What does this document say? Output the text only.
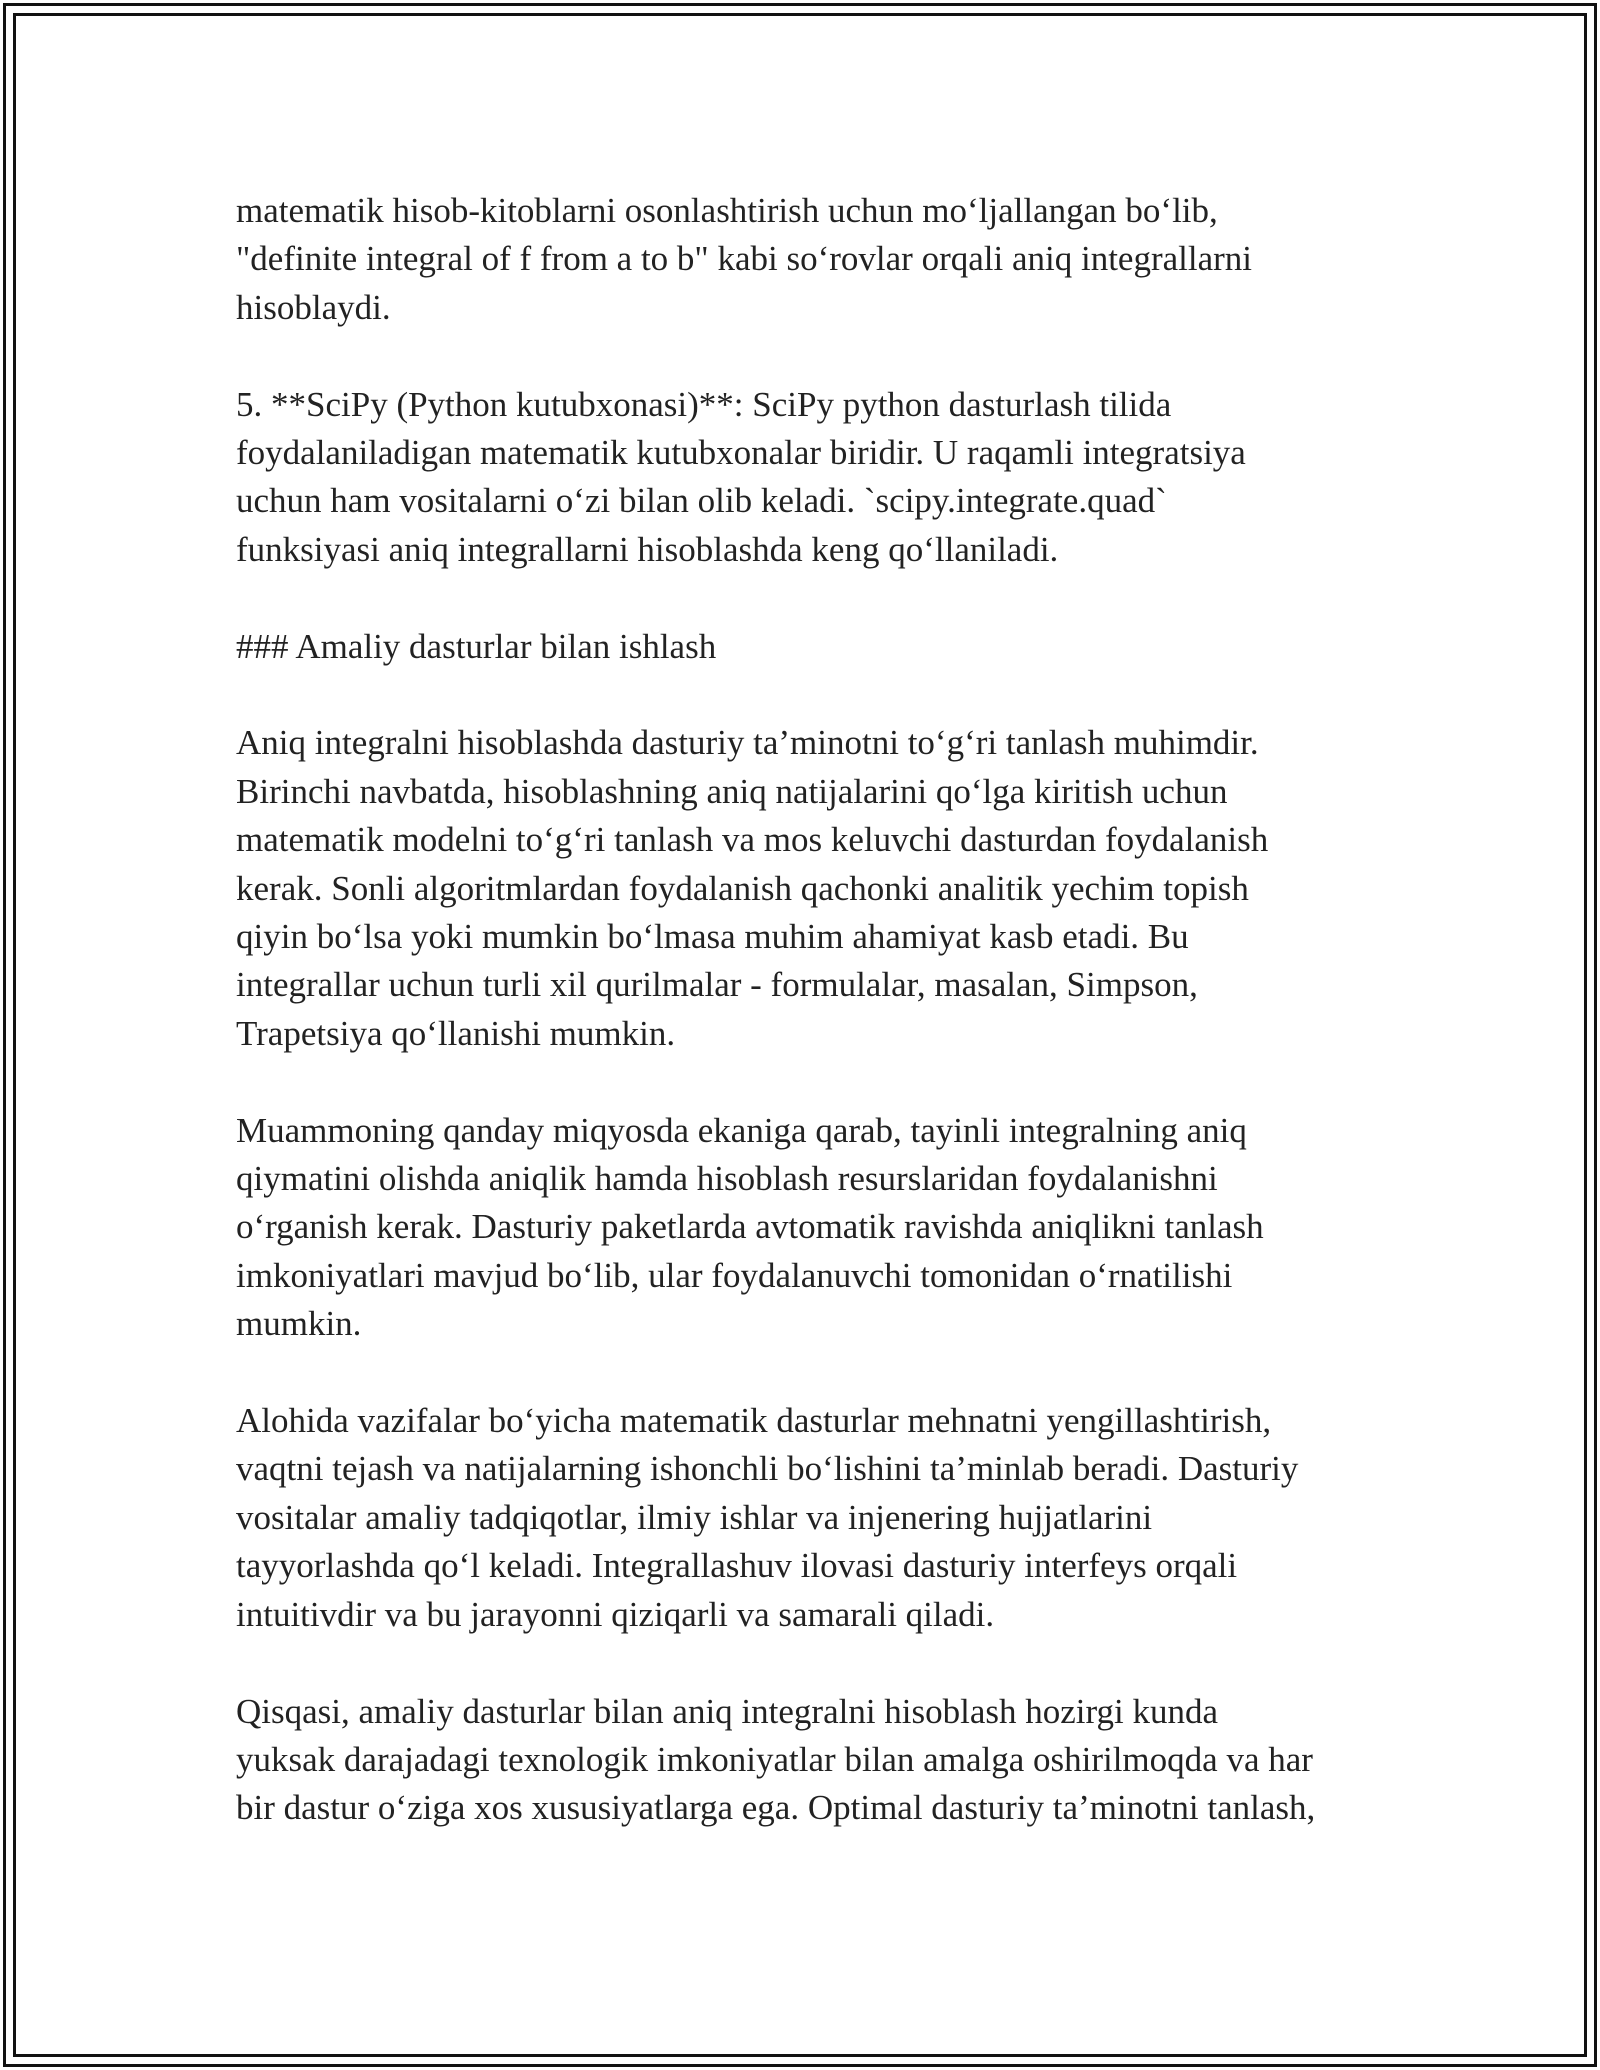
matematik hisob-kitoblarni osonlashtirish uchun mo‘ljallangan bo‘lib,
"definite integral of f from a to b" kabi so‘rovlar orqali aniq integrallarni
hisoblaydi.

5. **SciPy (Python kutubxonasi)**: SciPy python dasturlash tilida
foydalaniladigan matematik kutubxonalar biridir. U raqamli integratsiya
uchun ham vositalarni o‘zi bilan olib keladi. `scipy.integrate.quad`
funksiyasi aniq integrallarni hisoblashda keng qo‘llaniladi.

### Amaliy dasturlar bilan ishlash

Aniq integralni hisoblashda dasturiy ta’minotni to‘g‘ri tanlash muhimdir.
Birinchi navbatda, hisoblashning aniq natijalarini qo‘lga kiritish uchun
matematik modelni to‘g‘ri tanlash va mos keluvchi dasturdan foydalanish
kerak. Sonli algoritmlardan foydalanish qachonki analitik yechim topish
qiyin bo‘lsa yoki mumkin bo‘lmasa muhim ahamiyat kasb etadi. Bu
integrallar uchun turli xil qurilmalar - formulalar, masalan, Simpson,
Trapetsiya qo‘llanishi mumkin.

Muammoning qanday miqyosda ekaniga qarab, tayinli integralning aniq
qiymatini olishda aniqlik hamda hisoblash resurslaridan foydalanishni
o‘rganish kerak. Dasturiy paketlarda avtomatik ravishda aniqlikni tanlash
imkoniyatlari mavjud bo‘lib, ular foydalanuvchi tomonidan o‘rnatilishi
mumkin.

Alohida vazifalar bo‘yicha matematik dasturlar mehnatni yengillashtirish,
vaqtni tejash va natijalarning ishonchli bo‘lishini ta’minlab beradi. Dasturiy
vositalar amaliy tadqiqotlar, ilmiy ishlar va injenering hujjatlarini
tayyorlashda qo‘l keladi. Integrallashuv ilovasi dasturiy interfeys orqali
intuitivdir va bu jarayonni qiziqarli va samarali qiladi.

Qisqasi, amaliy dasturlar bilan aniq integralni hisoblash hozirgi kunda
yuksak darajadagi texnologik imkoniyatlar bilan amalga oshirilmoqda va har
bir dastur o‘ziga xos xususiyatlarga ega. Optimal dasturiy ta’minotni tanlash,
